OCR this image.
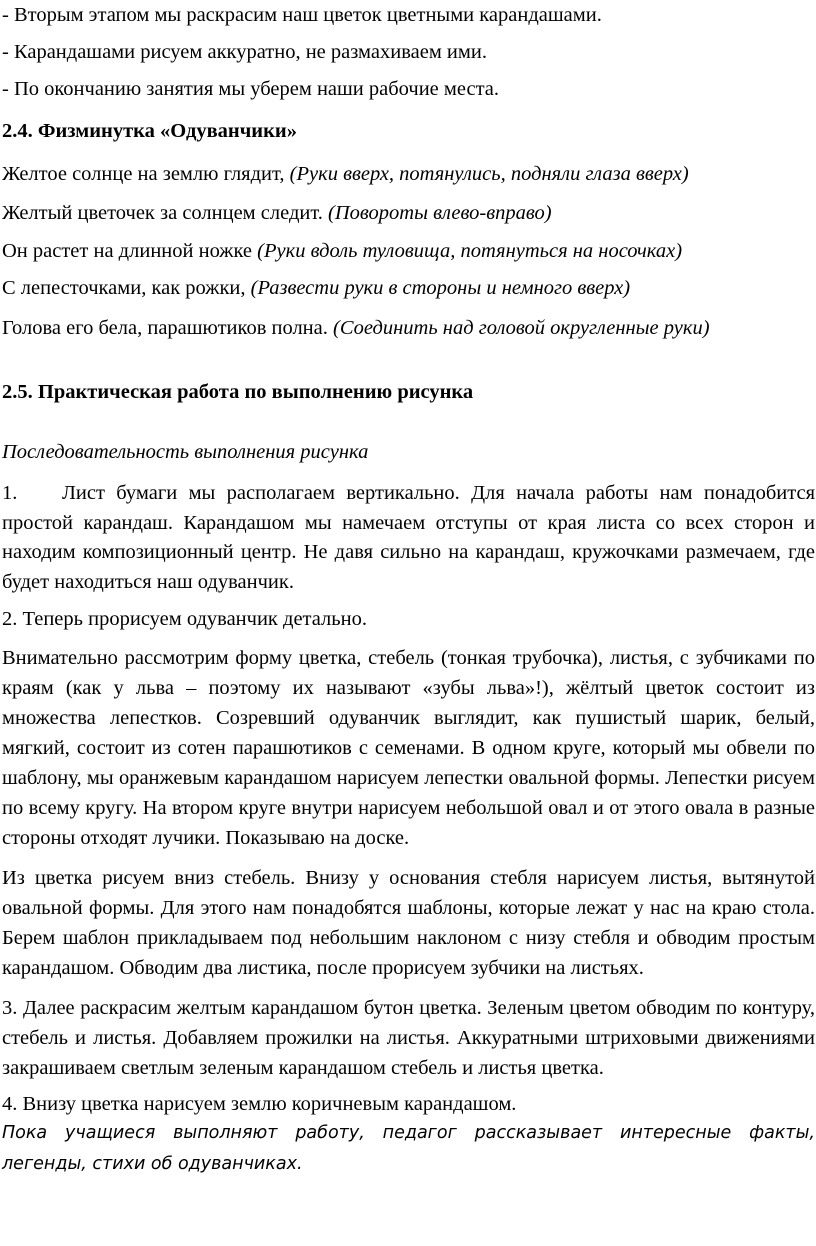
- Вторым этапом мы раскрасим наш цветок цветными карандашами.

- Карандашами рисуем аккуратно, не размахиваем ими.

- По окончанию занятия мы уберем наши рабочие места.

2.4. Физминутка «Одуванчики»

Желтое солнце на землю глядит, (Руки вверх, потянулись, подняли глаза вверх)

Желтый цветочек за солнцем следит. (Повороты влево-вправо)

Он растет на длинной ножке (Руки вдоль туловища, потянуться на носочках)

С лепесточками, как рожки, (Развести руки в стороны и немного вверх)

Голова его бела, парашютиков полна. (Соединить над головой округленные руки)

2.5. Практическая работа по выполнению рисунка

Последовательность выполнения рисунка

1. Лист бумаги мы располагаем вертикально. Для начала работы нам понадобится простой карандаш. Карандашом мы намечаем отступы от края листа со всех сторон и находим композиционный центр. Не давя сильно на карандаш, кружочками размечаем, где будет находиться наш одуванчик.

2. Теперь прорисуем одуванчик детально.

Внимательно рассмотрим форму цветка, стебель (тонкая трубочка), листья, с зубчиками по краям (как у льва – поэтому их называют «зубы льва»!), жёлтый цветок состоит из множества лепестков. Созревший одуванчик выглядит, как пушистый шарик, белый, мягкий, состоит из сотен парашютиков с семенами. В одном круге, который мы обвели по шаблону, мы оранжевым карандашом нарисуем лепестки овальной формы. Лепестки рисуем по всему кругу. На втором круге внутри нарисуем небольшой овал и от этого овала в разные стороны отходят лучики. Показываю на доске.

Из цветка рисуем вниз стебель. Внизу у основания стебля нарисуем листья, вытянутой овальной формы. Для этого нам понадобятся шаблоны, которые лежат у нас на краю стола. Берем шаблон прикладываем под небольшим наклоном с низу стебля и обводим простым карандашом. Обводим два листика, после прорисуем зубчики на листьях.

3. Далее раскрасим желтым карандашом бутон цветка. Зеленым цветом обводим по контуру, стебель и листья. Добавляем прожилки на листья. Аккуратными штриховыми движениями закрашиваем светлым зеленым карандашом стебель и листья цветка.

4. Внизу цветка нарисуем землю коричневым карандашом.

Пока учащиеся выполняют работу, педагог рассказывает интересные факты, легенды, стихи об одуванчиках.
